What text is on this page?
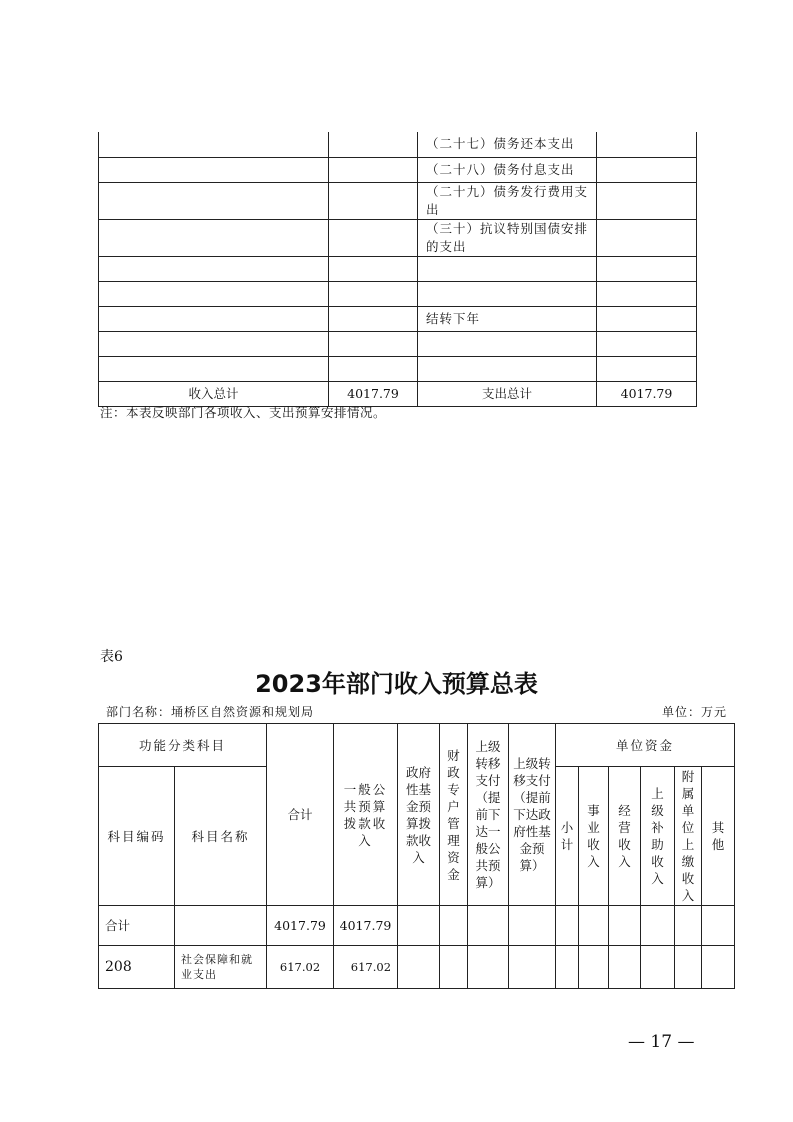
		（二十七）债务还本支出	
		（二十八）债务付息支出	
		（二十九）债务发行费用支出	
		（三十）抗议特别国债安排的支出	

		结转下年	

收入总计	4017.79	支出总计	4017.79
注：本表反映部门各项收入、支出预算安排情况。
表6
2023年部门收入预算总表
部门名称：埇桥区自然资源和规划局	单位：万元
功能分类科目		合计	一般公共预算拨款收入	政府性基金预算拨款收入	财政专户管理资金	上级转移支付（提前下达一般公共预算）	上级转移支付（提前下达政府性基金预算）	单位资金					
科目编码	科目名称							小计	事业收入	经营收入	上级补助收入	附属单位上缴收入	其他
合计		4017.79	4017.79										
208	社会保障和就业支出	617.02	617.02										
— 17 —
